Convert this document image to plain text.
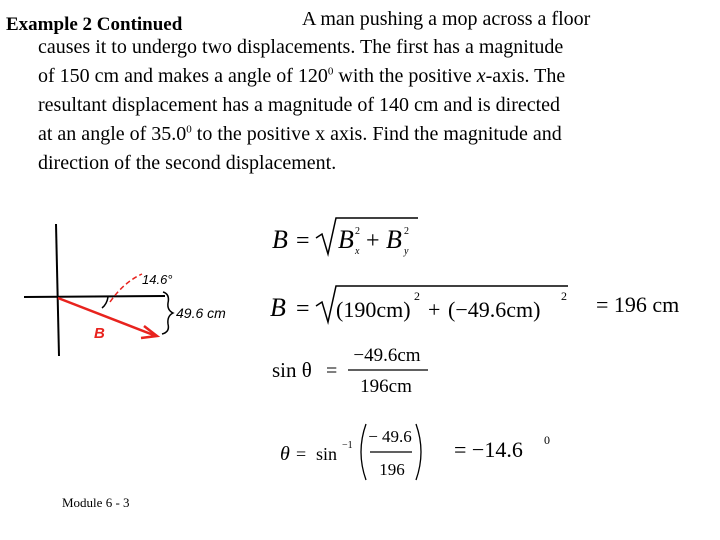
Example 2 Continued	A man pushing a mop across a floor
causes it to undergo two displacements. The first has a magnitude
of 150 cm and makes a angle of $120^0$ with the positive x-axis. The
resultant displacement has a magnitude of 140 cm and is directed
at an angle of 35.0$^0$ to the positive x axis. Find the magnitude and
direction of the second displacement.
14.6°
49.6 cm
B
B = B 2
x + B 2
y
B = (190cm)
2
+ (−49.6cm)
2 = 196 cm
sin θ =
−49.6cm
196cm
θ = sin −1 − 49.6
196
= −14.6 0
Module 6 - 3
